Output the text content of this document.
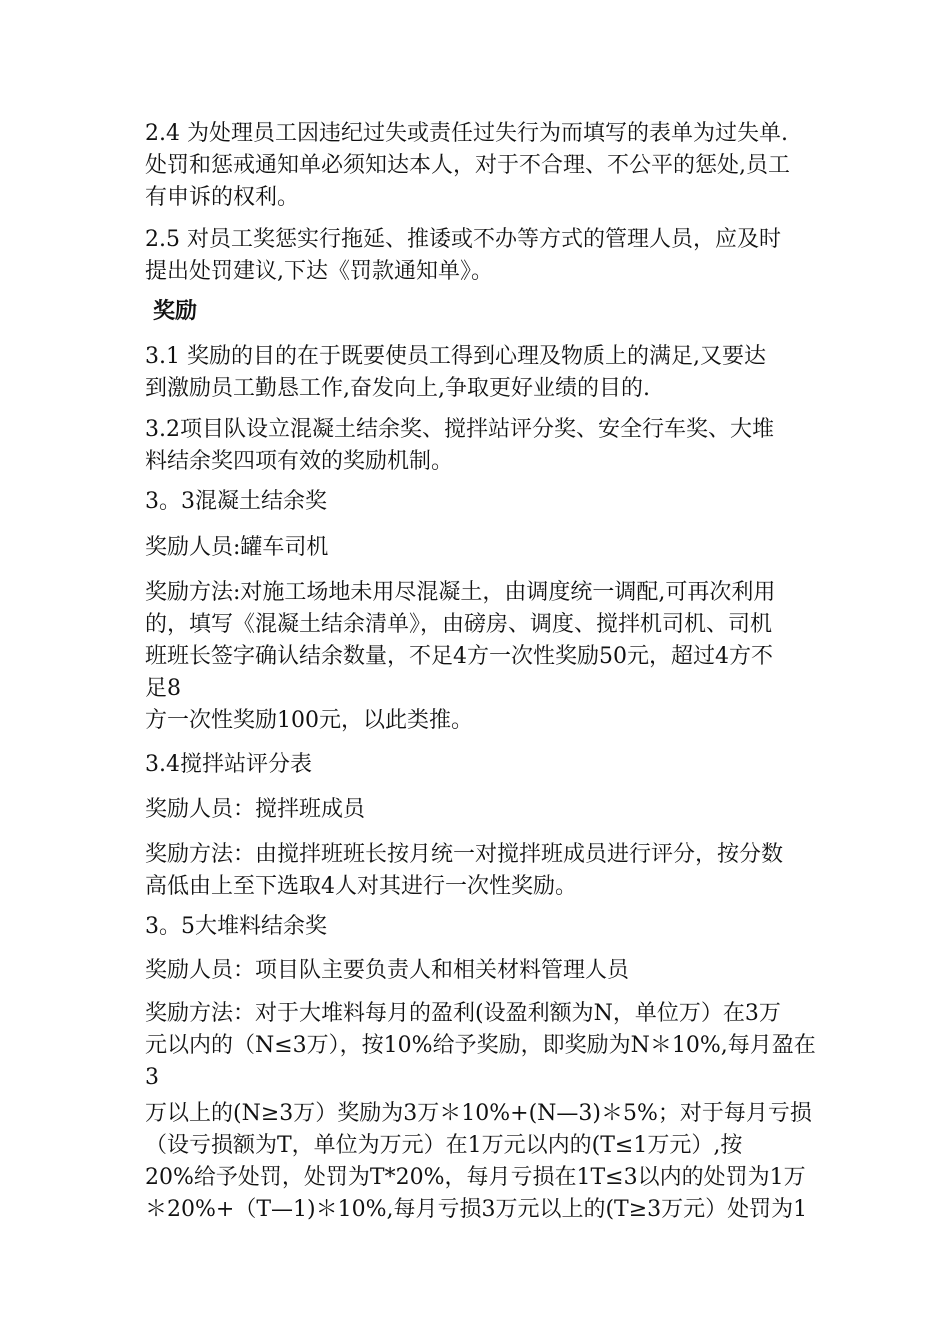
2.4 为处理员工因违纪过失或责任过失行为而填写的表单为过失单.
处罚和惩戒通知单必须知达本人，对于不合理、不公平的惩处,员工
有申诉的权利。
2.5 对员工奖惩实行拖延、推诿或不办等方式的管理人员，应及时
提出处罚建议,下达《罚款通知单》。
奖励
3.1 奖励的目的在于既要使员工得到心理及物质上的满足,又要达
到激励员工勤恳工作,奋发向上,争取更好业绩的目的.
3.2项目队设立混凝土结余奖、搅拌站评分奖、安全行车奖、大堆
料结余奖四项有效的奖励机制。
3。3混凝土结余奖
奖励人员:罐车司机
奖励方法:对施工场地未用尽混凝土，由调度统一调配,可再次利用
的，填写《混凝土结余清单》，由磅房、调度、搅拌机司机、司机
班班长签字确认结余数量，不足4方一次性奖励50元，超过4方不
足8
方一次性奖励100元，以此类推。
3.4搅拌站评分表
奖励人员：搅拌班成员
奖励方法：由搅拌班班长按月统一对搅拌班成员进行评分，按分数
高低由上至下选取4人对其进行一次性奖励。
3。5大堆料结余奖
奖励人员：项目队主要负责人和相关材料管理人员
奖励方法：对于大堆料每月的盈利(设盈利额为N，单位万）在3万
元以内的（N≤3万），按10%给予奖励，即奖励为N＊10%,每月盈在
3
万以上的(N≥3万）奖励为3万＊10%+(N—3)＊5%；对于每月亏损
（设亏损额为T，单位为万元）在1万元以内的(T≤1万元）,按
20%给予处罚，处罚为T*20%，每月亏损在1T≤3以内的处罚为1万
＊20%+（T—1)＊10%,每月亏损3万元以上的(T≥3万元）处罚为1
